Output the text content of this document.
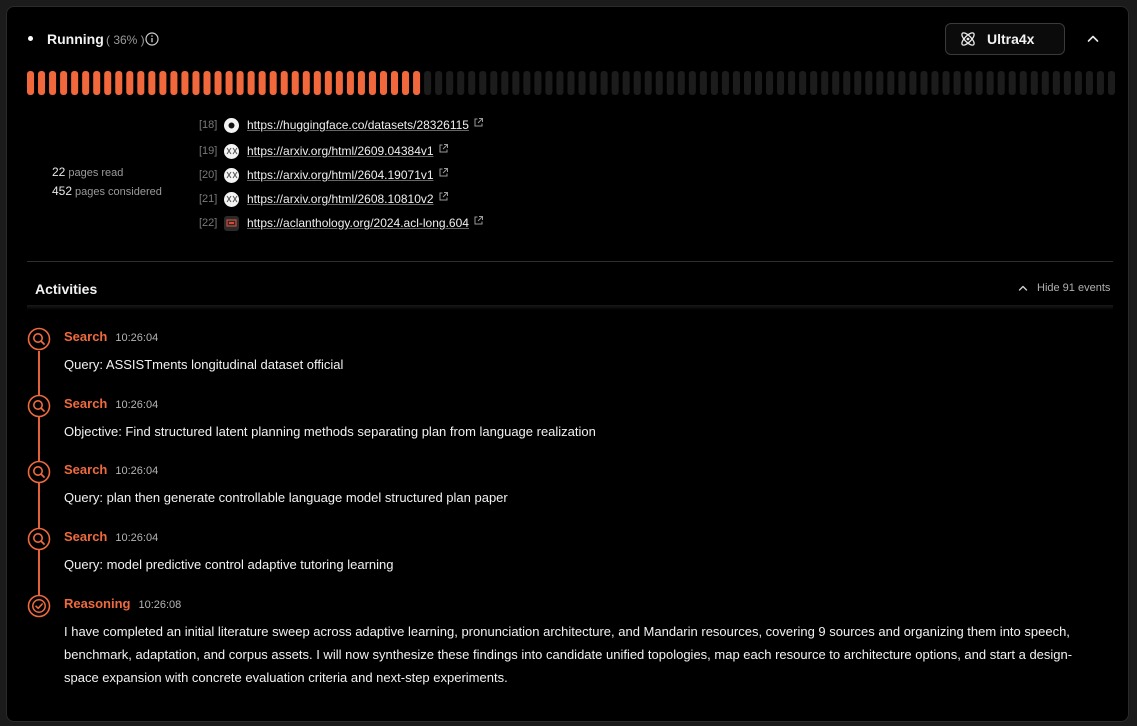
Running ( 36% )	Ultra4x
22 pages read
452 pages considered
[18]	https://huggingface.co/datasets/28326115
[19]	https://arxiv.org/html/2609.04384v1
[20]	https://arxiv.org/html/2604.19071v1
[21]	https://arxiv.org/html/2608.10810v2
[22]	https://aclanthology.org/2024.acl-long.604
Activities	Hide 91 events
Search 10:26:04
Query: ASSISTments longitudinal dataset official
Search 10:26:04
Objective: Find structured latent planning methods separating plan from language realization
Search 10:26:04
Query: plan then generate controllable language model structured plan paper
Search 10:26:04
Query: model predictive control adaptive tutoring learning
Reasoning 10:26:08
I have completed an initial literature sweep across adaptive learning, pronunciation architecture, and Mandarin resources, covering 9 sources and organizing them into speech, benchmark, adaptation, and corpus assets. I will now synthesize these findings into candidate unified topologies, map each resource to architecture options, and start a design-space expansion with concrete evaluation criteria and next-step experiments.
